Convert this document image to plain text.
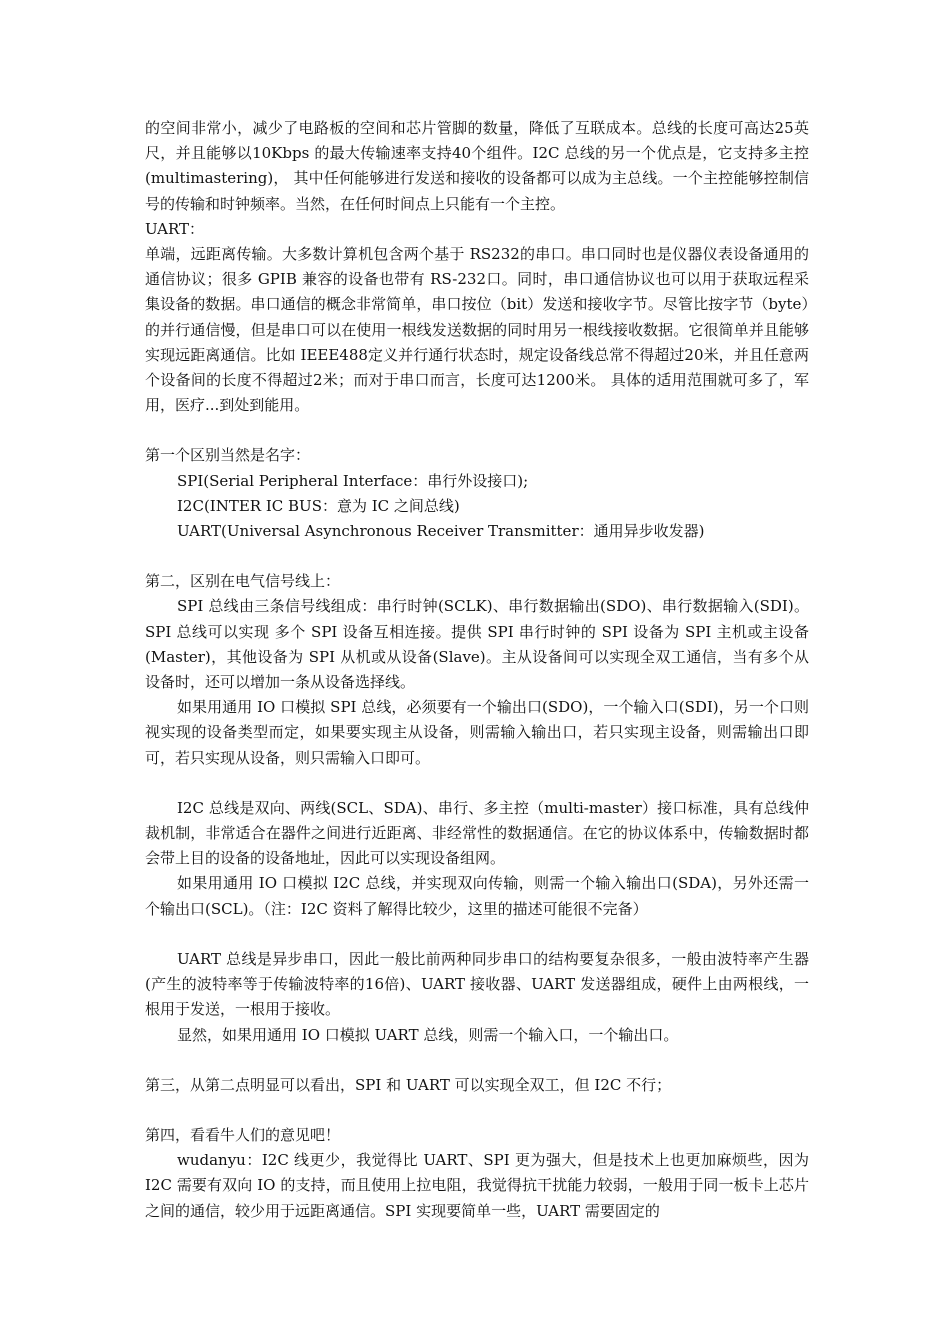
的空间非常小，减少了电路板的空间和芯片管脚的数量，降低了互联成本。总线的长度可高达25英尺，并且能够以10Kbps 的最大传输速率支持40个组件。I2C 总线的另一个优点是，它支持多主控(multimastering)， 其中任何能够进行发送和接收的设备都可以成为主总线。一个主控能够控制信号的传输和时钟频率。当然，在任何时间点上只能有一个主控。

UART：

单端，远距离传输。大多数计算机包含两个基于 RS232的串口。串口同时也是仪器仪表设备通用的通信协议；很多 GPIB 兼容的设备也带有 RS-232口。同时，串口通信协议也可以用于获取远程采集设备的数据。串口通信的概念非常简单，串口按位（bit）发送和接收字节。尽管比按字节（byte）的并行通信慢，但是串口可以在使用一根线发送数据的同时用另一根线接收数据。它很简单并且能够实现远距离通信。比如 IEEE488定义并行通行状态时，规定设备线总常不得超过20米，并且任意两个设备间的长度不得超过2米；而对于串口而言，长度可达1200米。 具体的适用范围就可多了，军用，医疗...到处到能用。

第一个区别当然是名字：

SPI(Serial Peripheral Interface：串行外设接口);

I2C(INTER IC BUS：意为 IC 之间总线)

UART(Universal Asynchronous Receiver Transmitter：通用异步收发器)

第二，区别在电气信号线上：

SPI 总线由三条信号线组成：串行时钟(SCLK)、串行数据输出(SDO)、串行数据输入(SDI)。SPI 总线可以实现 多个 SPI 设备互相连接。提供 SPI 串行时钟的 SPI 设备为 SPI 主机或主设备(Master)，其他设备为 SPI 从机或从设备(Slave)。主从设备间可以实现全双工通信，当有多个从设备时，还可以增加一条从设备选择线。

如果用通用 IO 口模拟 SPI 总线，必须要有一个输出口(SDO)，一个输入口(SDI)，另一个口则视实现的设备类型而定，如果要实现主从设备，则需输入输出口，若只实现主设备，则需输出口即可，若只实现从设备，则只需输入口即可。

I2C 总线是双向、两线(SCL、SDA)、串行、多主控（multi-master）接口标准，具有总线仲裁机制，非常适合在器件之间进行近距离、非经常性的数据通信。在它的协议体系中，传输数据时都会带上目的设备的设备地址，因此可以实现设备组网。

如果用通用 IO 口模拟 I2C 总线，并实现双向传输，则需一个输入输出口(SDA)，另外还需一个输出口(SCL)。（注：I2C 资料了解得比较少，这里的描述可能很不完备）

UART 总线是异步串口，因此一般比前两种同步串口的结构要复杂很多，一般由波特率产生器(产生的波特率等于传输波特率的16倍)、UART 接收器、UART 发送器组成，硬件上由两根线，一根用于发送，一根用于接收。

显然，如果用通用 IO 口模拟 UART 总线，则需一个输入口，一个输出口。

第三，从第二点明显可以看出，SPI 和 UART 可以实现全双工，但 I2C 不行；

第四，看看牛人们的意见吧！

wudanyu：I2C 线更少，我觉得比 UART、SPI 更为强大，但是技术上也更加麻烦些，因为 I2C 需要有双向 IO 的支持，而且使用上拉电阻，我觉得抗干扰能力较弱，一般用于同一板卡上芯片之间的通信，较少用于远距离通信。SPI 实现要简单一些，UART 需要固定的
